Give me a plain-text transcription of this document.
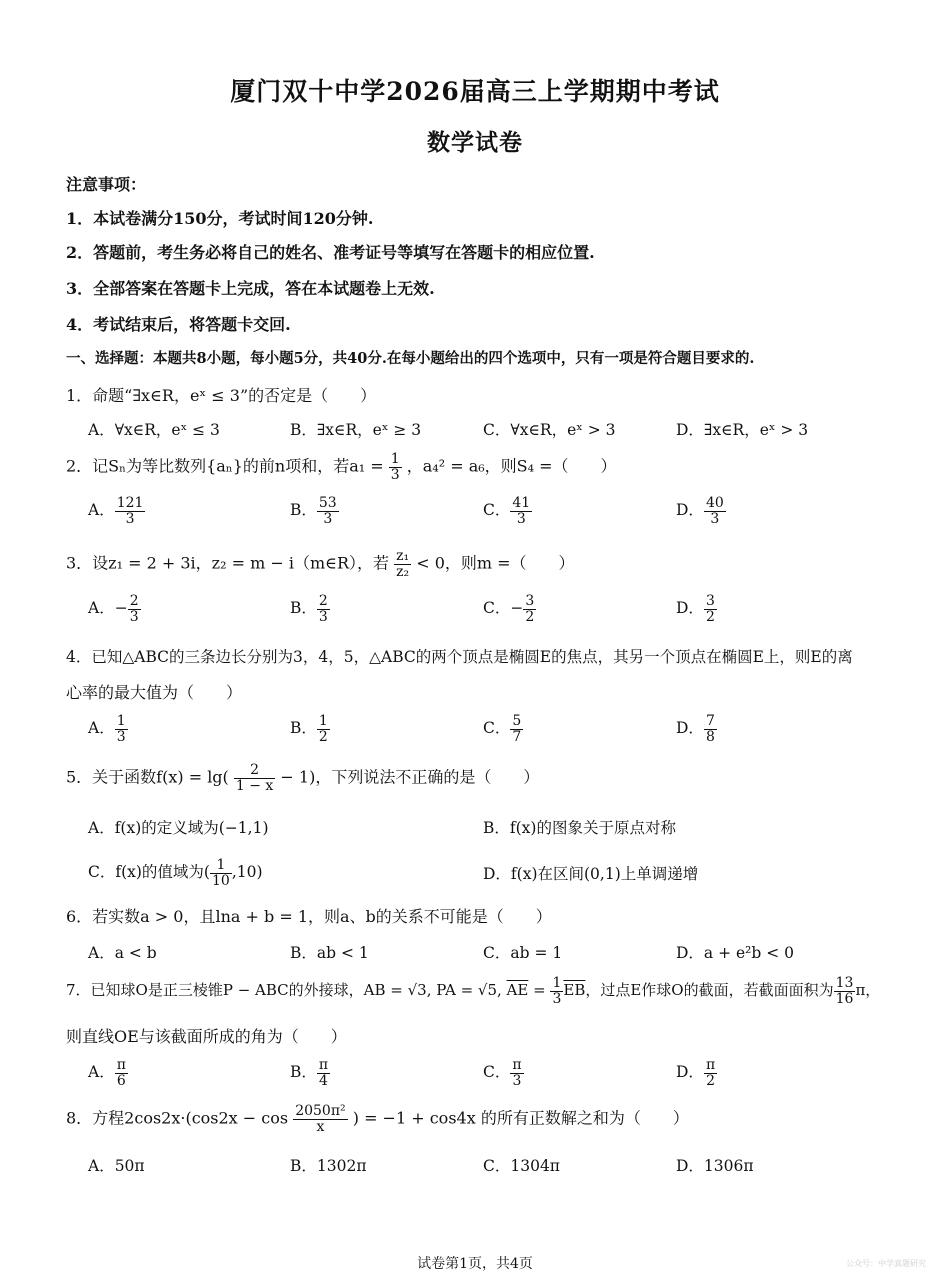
厦门双十中学2026届高三上学期期中考试
数学试卷
注意事项：
1．本试卷满分150分，考试时间120分钟.
2．答题前，考生务必将自己的姓名、准考证号等填写在答题卡的相应位置.
3．全部答案在答题卡上完成，答在本试题卷上无效.
4．考试结束后，将答题卡交回.
一、选择题：本题共8小题，每小题5分，共40分.在每小题给出的四个选项中，只有一项是符合题目要求的.
1．命题“∃x∈R，eˣ ≤ 3”的否定是（　　）
A．∀x∈R，eˣ ≤ 3	B．∃x∈R，eˣ ≥ 3	C．∀x∈R，eˣ > 3	D．∃x∈R，eˣ > 3
2．记Sₙ为等比数列{aₙ}的前n项和，若$a_1 = \frac{1}{3}$ ，a₄² = a₆，则S₄ =（　　）
A． $\frac{121}{3}$	B． $\frac{53}{3}$	C． $\frac{41}{3}$	D． $\frac{40}{3}$
3．设z₁ = 2 + 3i，z₂ = m − i（m∈R），若 $\frac{\text{z₁}}{\text{z₂}} < 0$，则m =（　　）
A．− $\frac{2}{3}$	B． $\frac{2}{3}$	C．− $\frac{3}{2}$	D． $\frac{3}{2}$
4．已知△ABC的三条边长分别为3，4，5，△ABC的两个顶点是椭圆E的焦点，其另一个顶点在椭圆E上，则E的离
心率的最大值为（　　）
A． $\frac{1}{3}$	B． $\frac{1}{2}$	C． $\frac{5}{7}$	D． $\frac{7}{8}$
5．关于函数$f(x) = \lg( \frac{2}{1 - x} - 1)$，下列说法不正确的是（　　）
A．f(x)的定义域为(−1,1)	B．f(x)的图象关于原点对称
C．f(x)的值域为( $\frac{1}{10} ,10$)	D．f(x)在区间(0,1)上单调递增
6．若实数a > 0，且lna + b = 1，则a、b的关系不可能是（　　）
A．a < b	B．ab < 1	C．ab = 1	D．a + e²b < 0
7．已知球O是正三棱锥P − ABC的外接球，AB = √3, PA = √5, $\overline{AE} = \frac{1}{3} \overline{EB}$，过点E作球O的截面，若截面面积为 $\frac{13}{16}$ π，
则直线OE与该截面所成的角为（　　）
A． $\frac{\pi}{6}$	B． $\frac{\pi}{4}$	C． $\frac{\pi}{3}$	D． $\frac{\pi}{2}$
8．方程$2\cos 2x\cdot(\cos 2x - \cos \frac{\text{2050π²}}{x}$ ) = −1 + cos4x 的所有正数解之和为（　　）
A．50π	B．1302π	C．1304π	D．1306π
试卷第1页，共4页	公众号：中学真题研究
